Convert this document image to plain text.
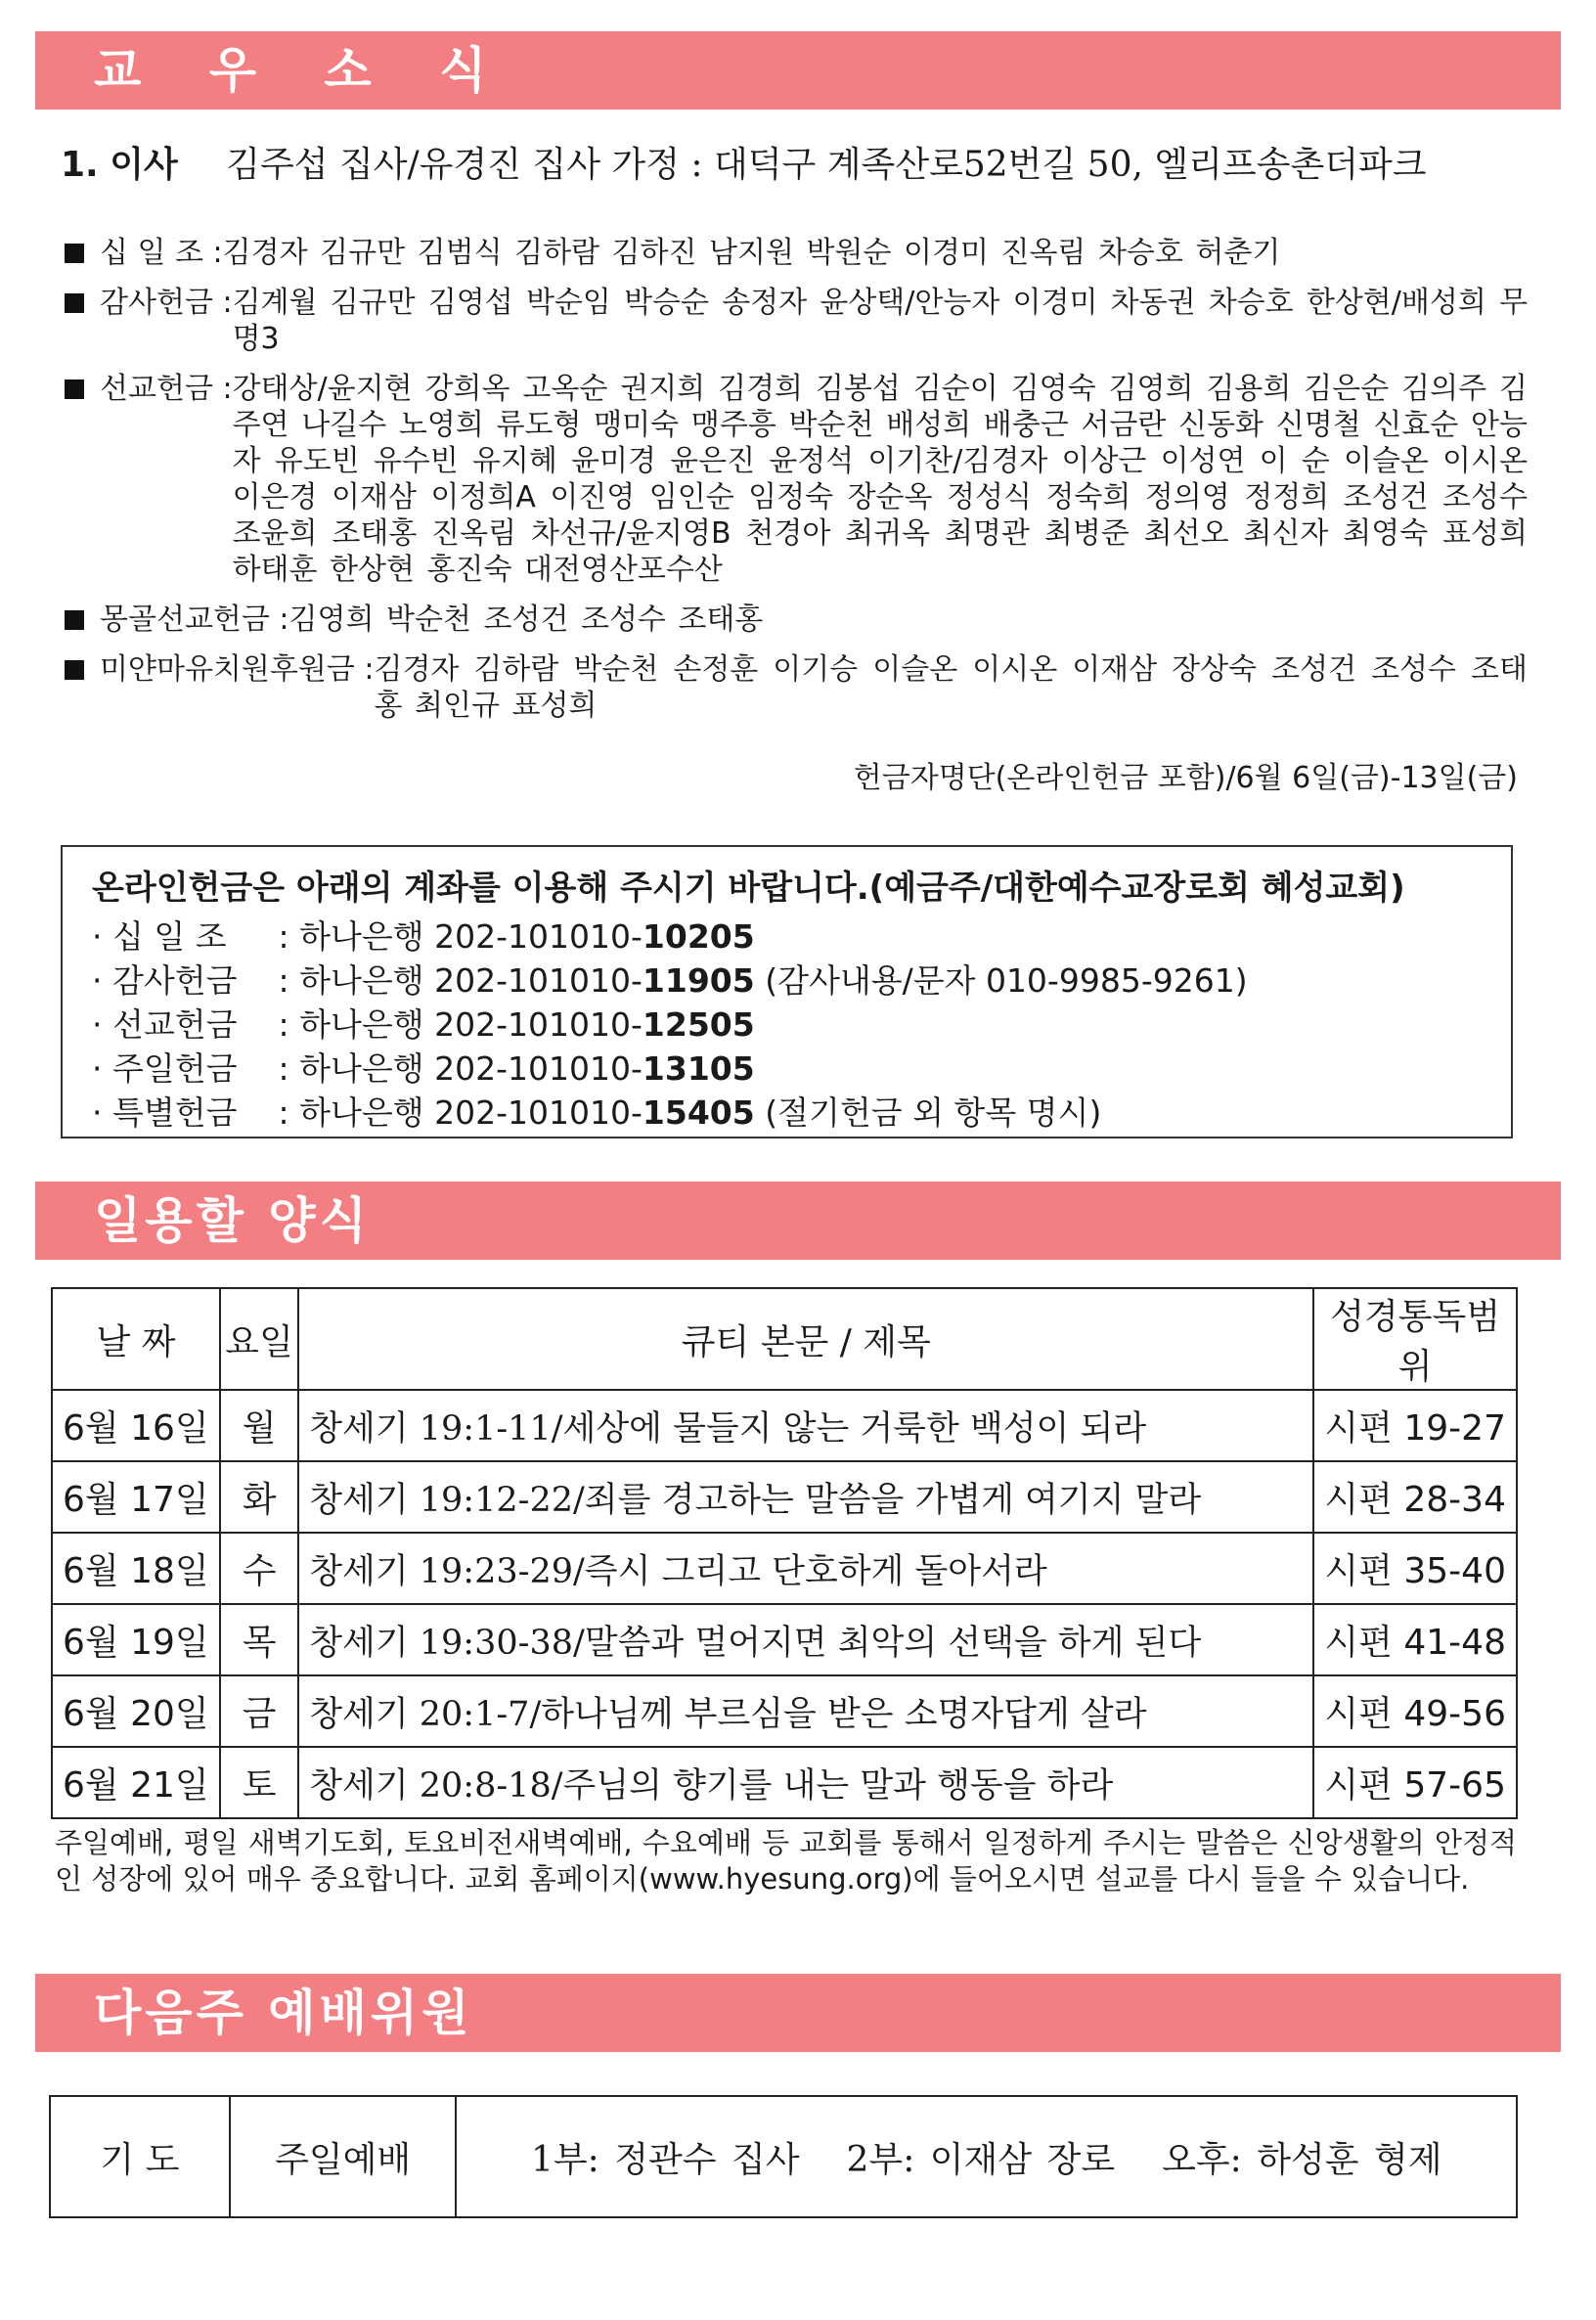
교 우 소 식
1. 이사 김주섭 집사/유경진 집사 가정 : 대덕구 계족산로52번길 50, 엘리프송촌더파크
십 일 조 : 김경자 김규만 김범식 김하람 김하진 남지원 박원순 이경미 진옥림 차승호 허춘기
감사헌금 : 김계월 김규만 김영섭 박순임 박승순 송정자 윤상택/안능자 이경미 차동권 차승호 한상현/배성희 무명3
선교헌금 : 강태상/윤지현 강희옥 고옥순 권지희 김경희 김봉섭 김순이 김영숙 김영희 김용희 김은순 김의주 김주연 나길수 노영희 류도형 맹미숙 맹주흥 박순천 배성희 배충근 서금란 신동화 신명철 신효순 안능자 유도빈 유수빈 유지혜 윤미경 윤은진 윤정석 이기찬/김경자 이상근 이성연 이 순 이슬온 이시온 이은경 이재삼 이정희A 이진영 임인순 임정숙 장순옥 정성식 정숙희 정의영 정정희 조성건 조성수 조윤희 조태홍 진옥림 차선규/윤지영B 천경아 최귀옥 최명관 최병준 최선오 최신자 최영숙 표성희 하태훈 한상현 홍진숙 대전영산포수산
몽골선교헌금 : 김영희 박순천 조성건 조성수 조태홍
미얀마유치원후원금 : 김경자 김하람 박순천 손정훈 이기승 이슬온 이시온 이재삼 장상숙 조성건 조성수 조태홍 최인규 표성희
헌금자명단(온라인헌금 포함)/6월 6일(금)-13일(금)
온라인헌금은 아래의 계좌를 이용해 주시기 바랍니다.(예금주/대한예수교장로회 혜성교회)
· 십 일 조 : 하나은행 202-101010-10205
· 감사헌금 : 하나은행 202-101010-11905 (감사내용/문자 010-9985-9261)
· 선교헌금 : 하나은행 202-101010-12505
· 주일헌금 : 하나은행 202-101010-13105
· 특별헌금 : 하나은행 202-101010-15405 (절기헌금 외 항목 명시)
일용할 양식
날 짜	요일	큐티 본문 / 제목	성경통독범위
6월 16일	월	창세기 19:1-11/세상에 물들지 않는 거룩한 백성이 되라	시편 19-27
6월 17일	화	창세기 19:12-22/죄를 경고하는 말씀을 가볍게 여기지 말라	시편 28-34
6월 18일	수	창세기 19:23-29/즉시 그리고 단호하게 돌아서라	시편 35-40
6월 19일	목	창세기 19:30-38/말씀과 멀어지면 최악의 선택을 하게 된다	시편 41-48
6월 20일	금	창세기 20:1-7/하나님께 부르심을 받은 소명자답게 살라	시편 49-56
6월 21일	토	창세기 20:8-18/주님의 향기를 내는 말과 행동을 하라	시편 57-65
주일예배, 평일 새벽기도회, 토요비전새벽예배, 수요예배 등 교회를 통해서 일정하게 주시는 말씀은 신앙생활의 안정적인 성장에 있어 매우 중요합니다. 교회 홈페이지(www.hyesung.org)에 들어오시면 설교를 다시 들을 수 있습니다.
다음주 예배위원
기 도	주일예배	1부: 정관수 집사 2부: 이재삼 장로 오후: 하성훈 형제
